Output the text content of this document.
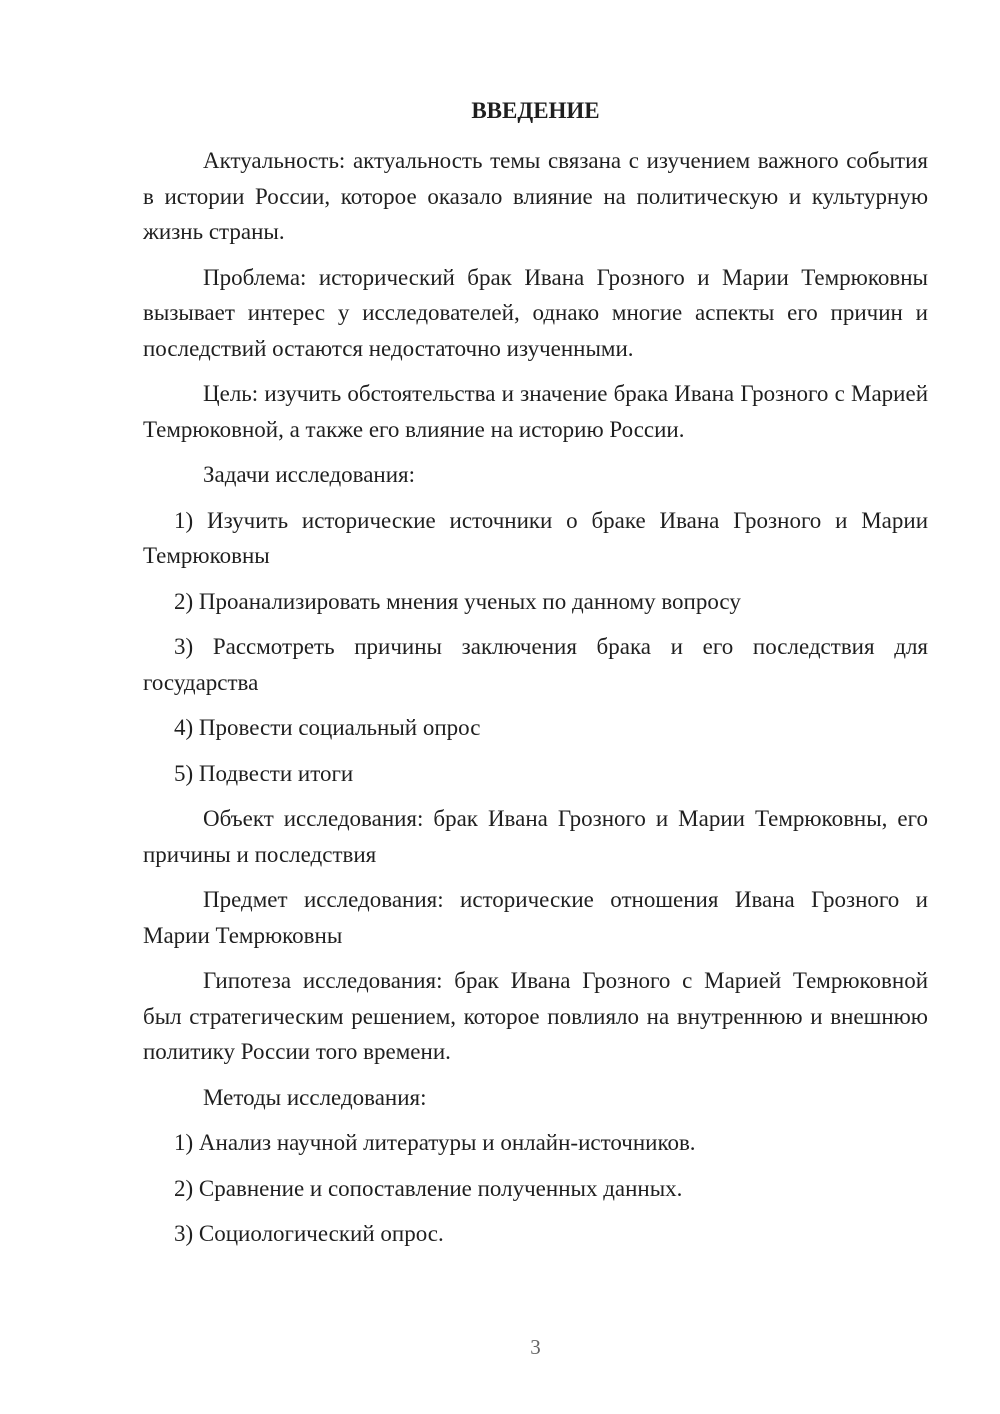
ВВЕДЕНИЕ

Актуальность: актуальность темы связана с изучением важного события в истории России, которое оказало влияние на политическую и культурную жизнь страны.

Проблема: исторический брак Ивана Грозного и Марии Темрюковны вызывает интерес у исследователей, однако многие аспекты его причин и последствий остаются недостаточно изученными.

Цель: изучить обстоятельства и значение брака Ивана Грозного с Марией Темрюковной, а также его влияние на историю России.

Задачи исследования:

1) Изучить исторические источники о браке Ивана Грозного и Марии Темрюковны

2) Проанализировать мнения ученых по данному вопросу

3) Рассмотреть причины заключения брака и его последствия для государства

4) Провести социальный опрос

5) Подвести итоги

Объект исследования: брак Ивана Грозного и Марии Темрюковны, его причины и последствия

Предмет исследования: исторические отношения Ивана Грозного и Марии Темрюковны

Гипотеза исследования: брак Ивана Грозного с Марией Темрюковной был стратегическим решением, которое повлияло на внутреннюю и внешнюю политику России того времени.

Методы исследования:

1) Анализ научной литературы и онлайн-источников.

2) Сравнение и сопоставление полученных данных.

3) Социологический опрос.

3
